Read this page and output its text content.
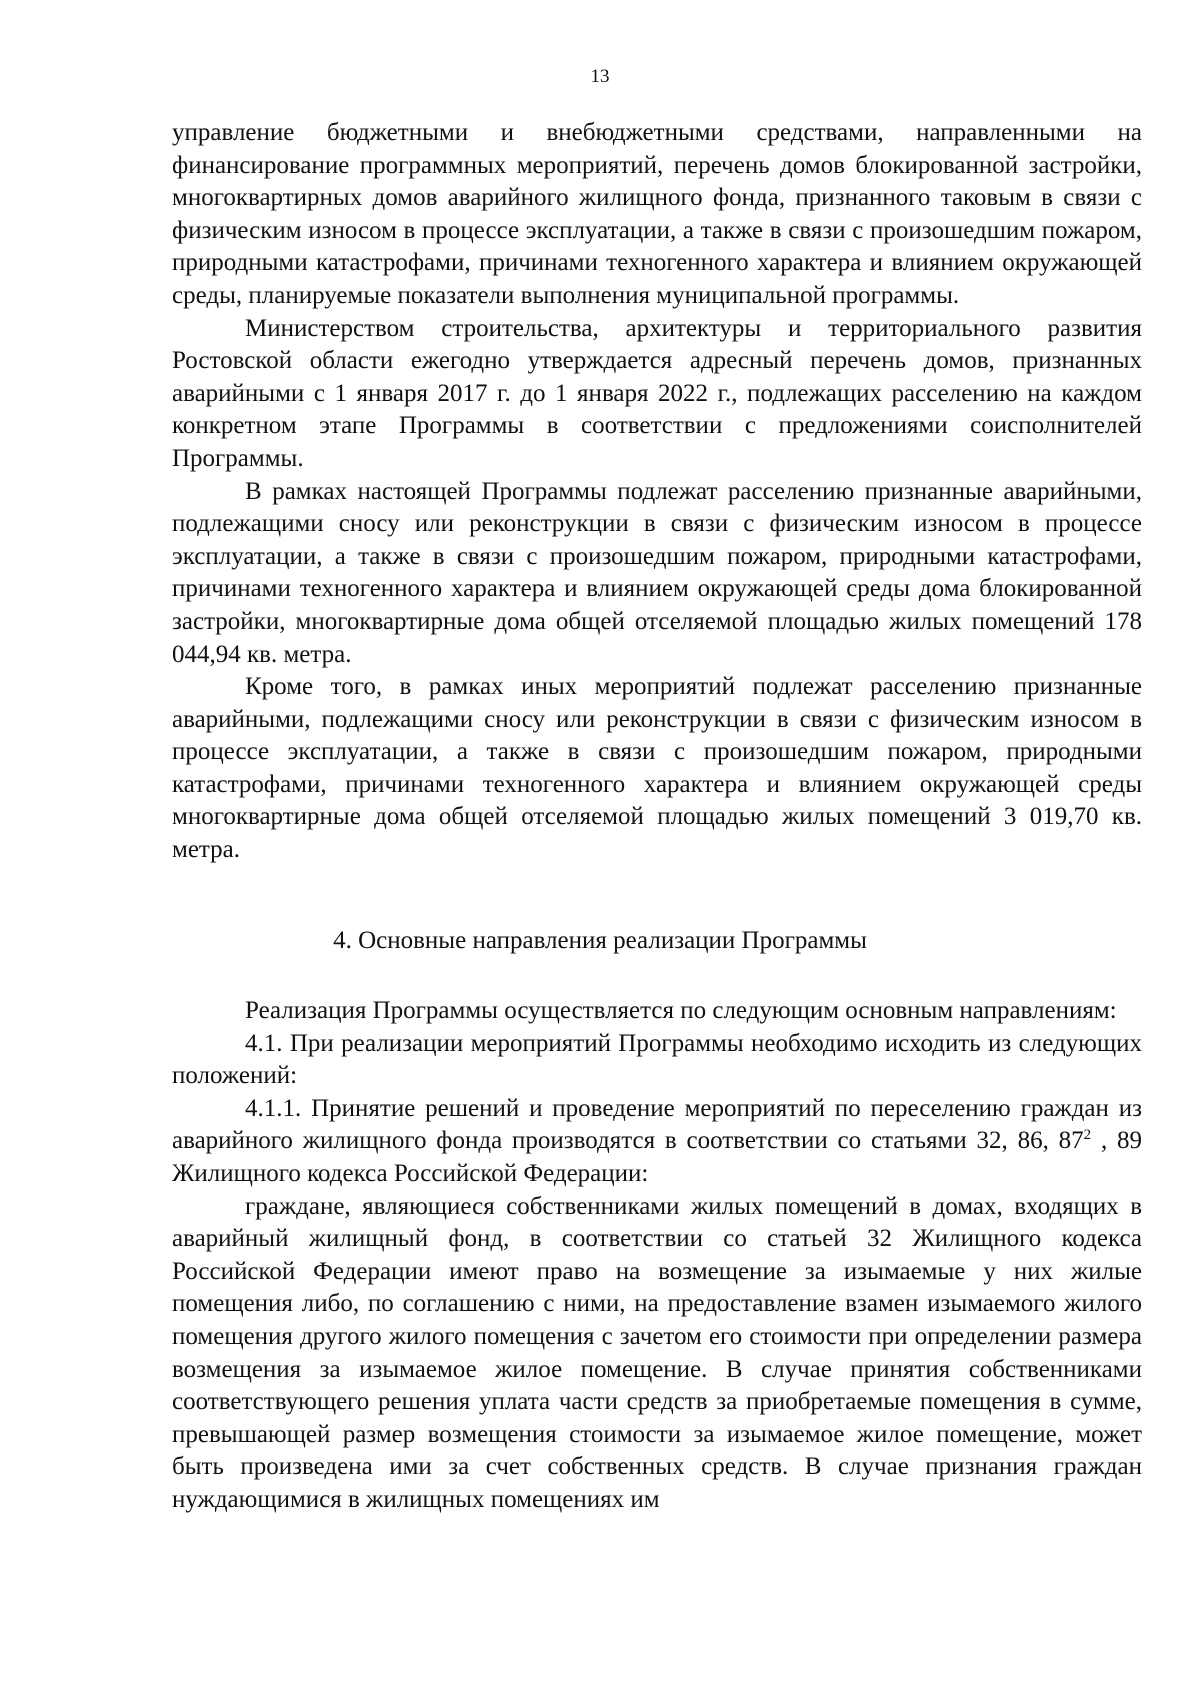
13

управление бюджетными и внебюджетными средствами, направленными на финансирование программных мероприятий, перечень домов блокированной застройки, многоквартирных домов аварийного жилищного фонда, признанного таковым в связи с физическим износом в процессе эксплуатации, а также в связи с произошедшим пожаром, природными катастрофами, причинами техногенного характера и влиянием окружающей среды, планируемые показатели выполнения муниципальной программы.

Министерством строительства, архитектуры и территориального развития Ростовской области ежегодно утверждается адресный перечень домов, признанных аварийными с 1 января 2017 г. до 1 января 2022 г., подлежащих расселению на каждом конкретном этапе Программы в соответствии с предложениями соисполнителей Программы.

В рамках настоящей Программы подлежат расселению признанные аварийными, подлежащими сносу или реконструкции в связи с физическим износом в процессе эксплуатации, а также в связи с произошедшим пожаром, природными катастрофами, причинами техногенного характера и влиянием окружающей среды дома блокированной застройки, многоквартирные дома общей отселяемой площадью жилых помещений 178 044,94 кв. метра.

Кроме того, в рамках иных мероприятий подлежат расселению признанные аварийными, подлежащими сносу или реконструкции в связи с физическим износом в процессе эксплуатации, а также в связи с произошедшим пожаром, природными катастрофами, причинами техногенного характера и влиянием окружающей среды многоквартирные дома общей отселяемой площадью жилых помещений 3 019,70 кв. метра.

4. Основные направления реализации Программы

Реализация Программы осуществляется по следующим основным направлениям:

4.1. При реализации мероприятий Программы необходимо исходить из следующих положений:

4.1.1. Принятие решений и проведение мероприятий по переселению граждан из аварийного жилищного фонда производятся в соответствии со статьями 32, 86, $87^2$ , 89 Жилищного кодекса Российской Федерации:

граждане, являющиеся собственниками жилых помещений в домах, входящих в аварийный жилищный фонд, в соответствии со статьей 32 Жилищного кодекса Российской Федерации имеют право на возмещение за изымаемые у них жилые помещения либо, по соглашению с ними, на предоставление взамен изымаемого жилого помещения другого жилого помещения с зачетом его стоимости при определении размера возмещения за изымаемое жилое помещение. В случае принятия собственниками соответствующего решения уплата части средств за приобретаемые помещения в сумме, превышающей размер возмещения стоимости за изымаемое жилое помещение, может быть произведена ими за счет собственных средств. В случае признания граждан нуждающимися в жилищных помещениях им
